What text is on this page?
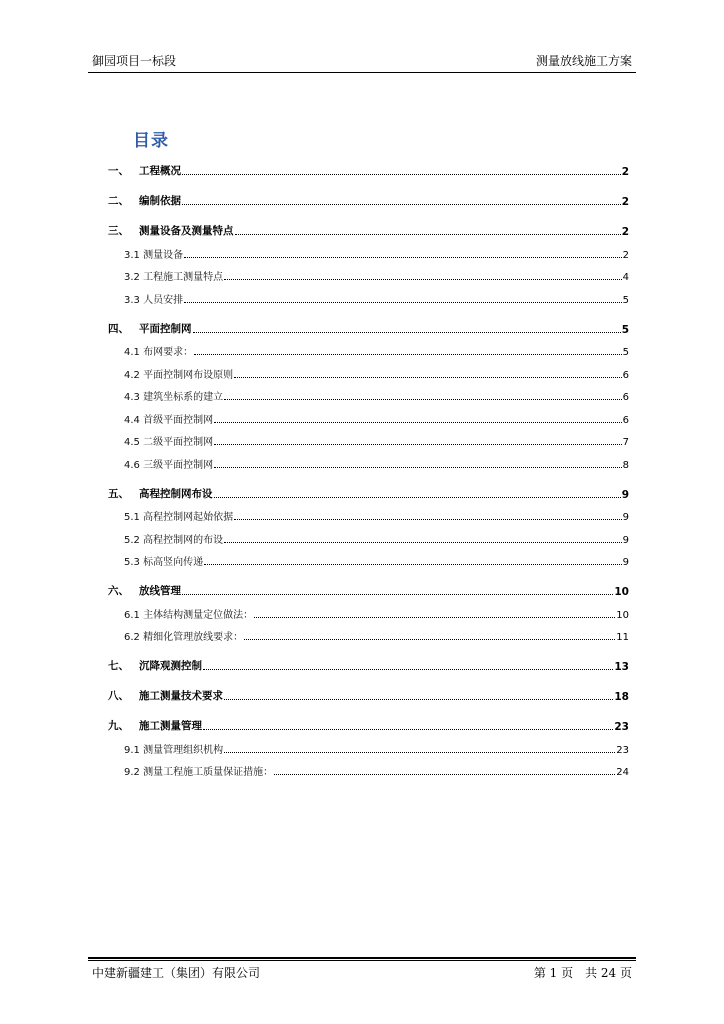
御园项目一标段	测量放线施工方案
目录
一、 工程概况	2
二、 编制依据	2
三、 测量设备及测量特点	2
3.1 测量设备	2
3.2 工程施工测量特点	4
3.3 人员安排	5
四、 平面控制网	5
4.1 布网要求：	5
4.2 平面控制网布设原则	6
4.3 建筑坐标系的建立	6
4.4 首级平面控制网	6
4.5 二级平面控制网	7
4.6 三级平面控制网	8
五、 高程控制网布设	9
5.1 高程控制网起始依据	9
5.2 高程控制网的布设	9
5.3 标高竖向传递	9
六、 放线管理	10
6.1 主体结构测量定位做法：	10
6.2 精细化管理放线要求：	11
七、 沉降观测控制	13
八、 施工测量技术要求	18
九、 施工测量管理	23
9.1 测量管理组织机构	23
9.2 测量工程施工质量保证措施：	24
中建新疆建工（集团）有限公司	第 1 页　共 24 页
